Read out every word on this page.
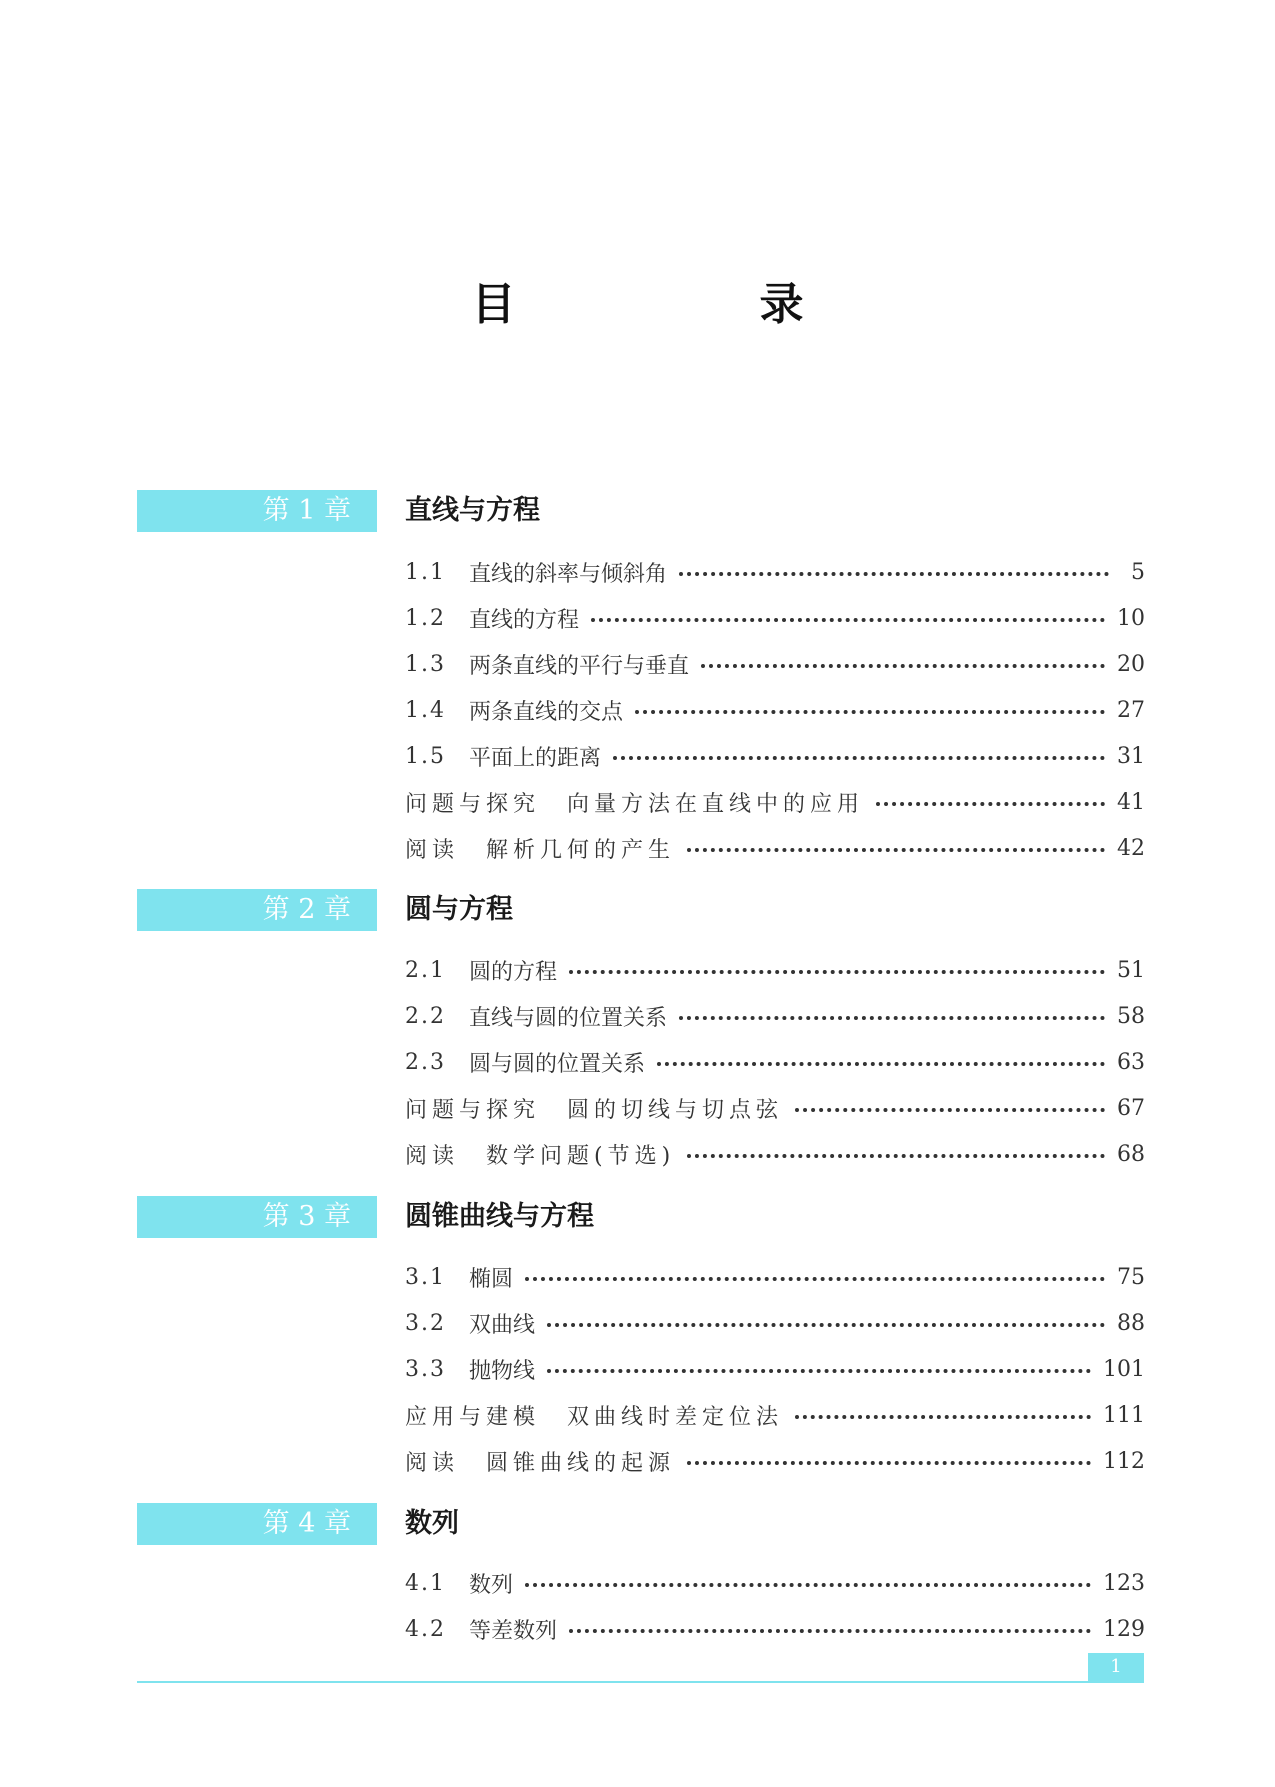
目　录
第 1 章	直线与方程
1.1	直线的斜率与倾斜角	5
1.2	直线的方程	10
1.3	两条直线的平行与垂直	20
1.4	两条直线的交点	27
1.5	平面上的距离	31
问题与探究　向量方法在直线中的应用	41
阅读　解析几何的产生	42
第 2 章	圆与方程
2.1	圆的方程	51
2.2	直线与圆的位置关系	58
2.3	圆与圆的位置关系	63
问题与探究　圆的切线与切点弦	67
阅读　数学问题(节选)	68
第 3 章	圆锥曲线与方程
3.1	椭圆	75
3.2	双曲线	88
3.3	抛物线	101
应用与建模　双曲线时差定位法	111
阅读　圆锥曲线的起源	112
第 4 章	数列
4.1	数列	123
4.2	等差数列	129
1
